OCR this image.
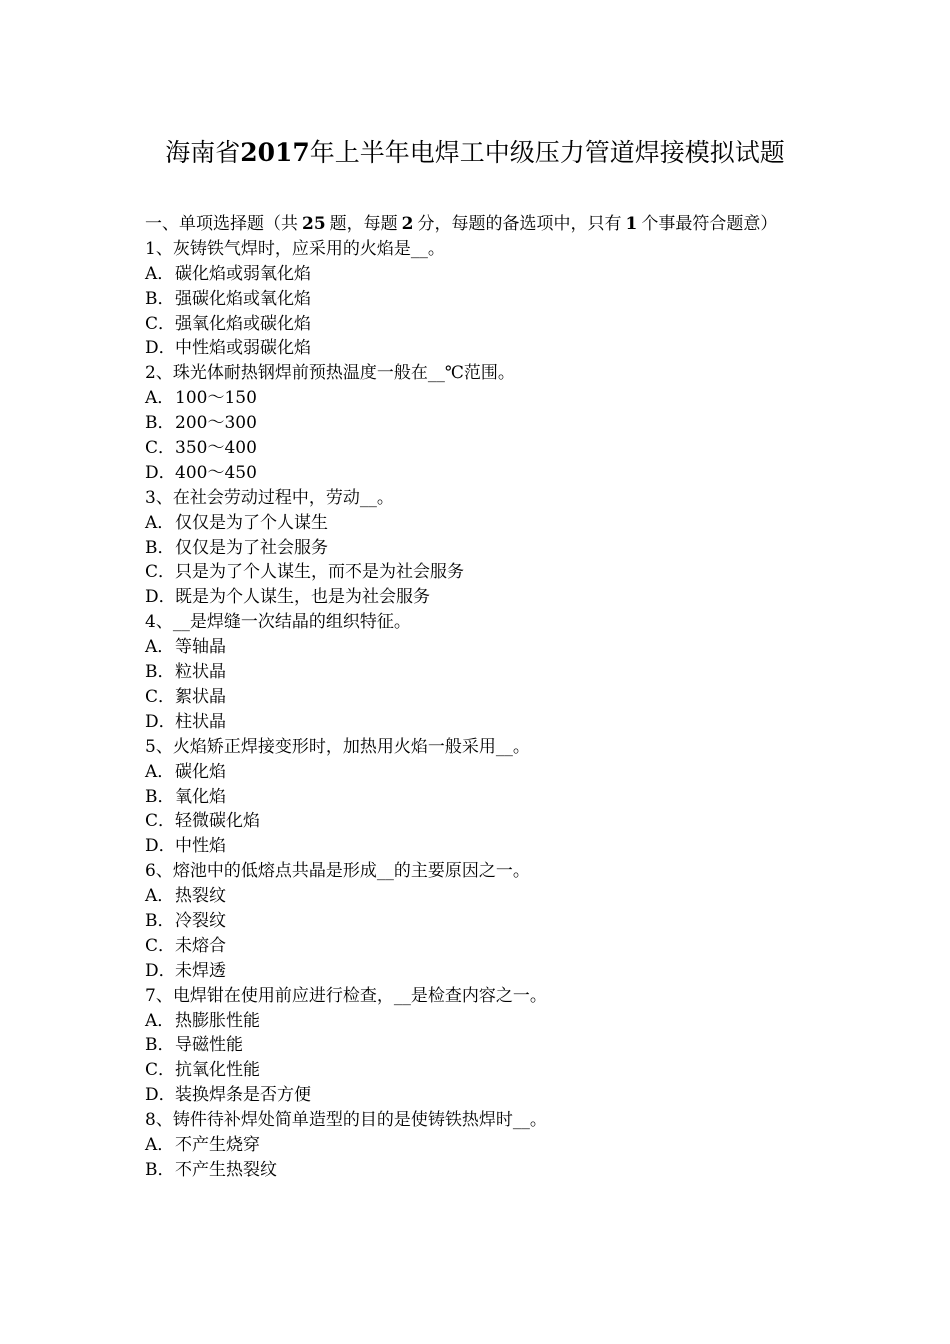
海南省2017年上半年电焊工中级压力管道焊接模拟试题

一、单项选择题（共 25 题，每题 2 分，每题的备选项中，只有 1 个事最符合题意）

1、灰铸铁气焊时，应采用的火焰是__。
A．碳化焰或弱氧化焰
B．强碳化焰或氧化焰
C．强氧化焰或碳化焰
D．中性焰或弱碳化焰
2、珠光体耐热钢焊前预热温度一般在__℃范围。
A．100～150
B．200～300
C．350～400
D．400～450
3、在社会劳动过程中，劳动__。
A．仅仅是为了个人谋生
B．仅仅是为了社会服务
C．只是为了个人谋生，而不是为社会服务
D．既是为个人谋生，也是为社会服务
4、__是焊缝一次结晶的组织特征。
A．等轴晶
B．粒状晶
C．絮状晶
D．柱状晶
5、火焰矫正焊接变形时，加热用火焰一般采用__。
A．碳化焰
B．氧化焰
C．轻微碳化焰
D．中性焰
6、熔池中的低熔点共晶是形成__的主要原因之一。
A．热裂纹
B．冷裂纹
C．未熔合
D．未焊透
7、电焊钳在使用前应进行检查，__是检查内容之一。
A．热膨胀性能
B．导磁性能
C．抗氧化性能
D．装换焊条是否方便
8、铸件待补焊处简单造型的目的是使铸铁热焊时__。
A．不产生烧穿
B．不产生热裂纹
